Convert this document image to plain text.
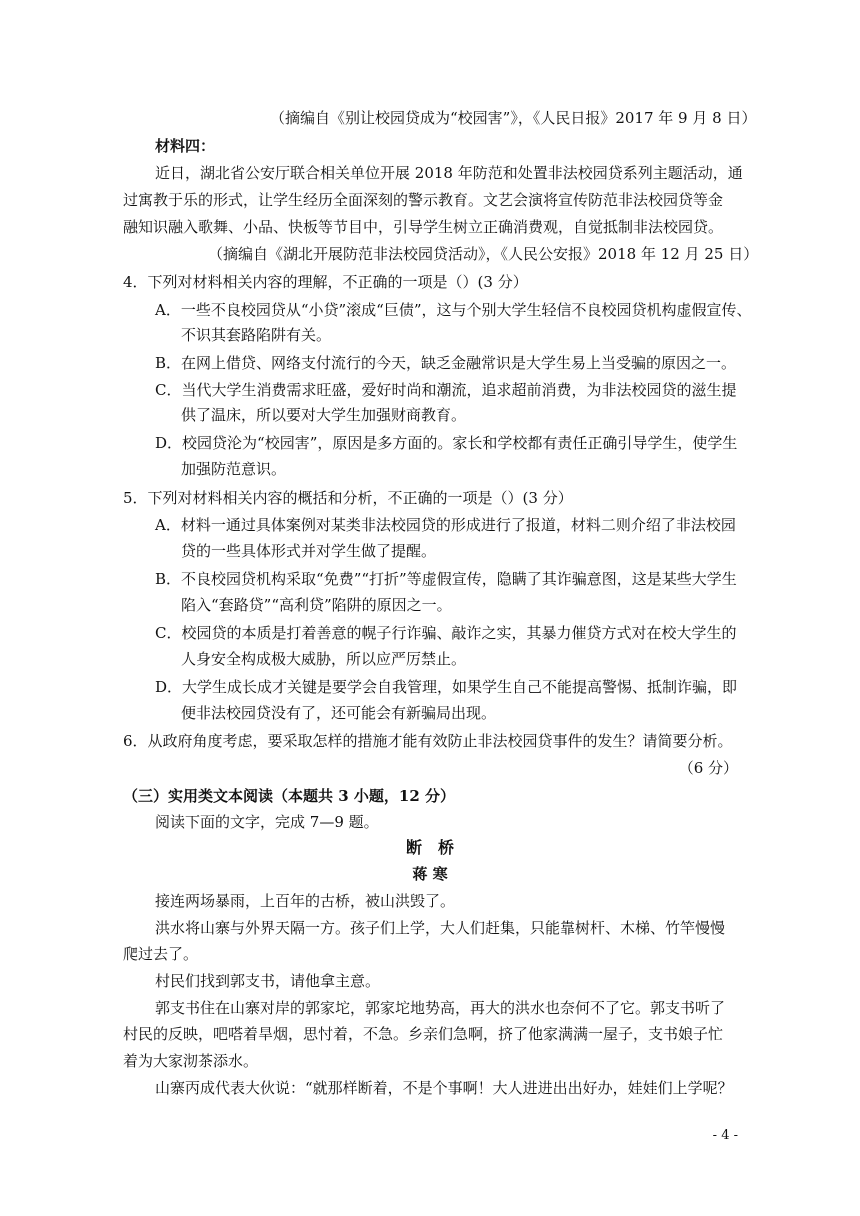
（摘编自《别让校园贷成为“校园害”》，《人民日报》2017 年 9 月 8 日）
材料四：
近日，湖北省公安厅联合相关单位开展 2018 年防范和处置非法校园贷系列主题活动，通
过寓教于乐的形式，让学生经历全面深刻的警示教育。文艺会演将宣传防范非法校园贷等金
融知识融入歌舞、小品、快板等节目中，引导学生树立正确消费观，自觉抵制非法校园贷。
（摘编自《湖北开展防范非法校园贷活动》，《人民公安报》2018 年 12 月 25 日）
4．下列对材料相关内容的理解，不正确的一项是（）(3 分）
A．一些不良校园贷从“小贷”滚成“巨债”，这与个别大学生轻信不良校园贷机构虚假宣传、
不识其套路陷阱有关。
B．在网上借贷、网络支付流行的今天，缺乏金融常识是大学生易上当受骗的原因之一。
C．当代大学生消费需求旺盛，爱好时尚和潮流，追求超前消费，为非法校园贷的滋生提
供了温床，所以要对大学生加强财商教育。
D．校园贷沦为“校园害”，原因是多方面的。家长和学校都有责任正确引导学生，使学生
加强防范意识。
5．下列对材料相关内容的概括和分析，不正确的一项是（）(3 分）
A．材料一通过具体案例对某类非法校园贷的形成进行了报道，材料二则介绍了非法校园
贷的一些具体形式并对学生做了提醒。
B．不良校园贷机构采取“免费”“打折”等虚假宣传，隐瞒了其诈骗意图，这是某些大学生
陷入“套路贷”“高利贷”陷阱的原因之一。
C．校园贷的本质是打着善意的幌子行诈骗、敲诈之实，其暴力催贷方式对在校大学生的
人身安全构成极大威胁，所以应严厉禁止。
D．大学生成长成才关键是要学会自我管理，如果学生自己不能提高警惕、抵制诈骗，即
便非法校园贷没有了，还可能会有新骗局出现。
6．从政府角度考虑，要采取怎样的措施才能有效防止非法校园贷事件的发生？请简要分析。
（6 分）
（三）实用类文本阅读（本题共 3 小题，12 分）
阅读下面的文字，完成 7—9 题。
断　桥
蒋 寒
接连两场暴雨，上百年的古桥，被山洪毁了。
洪水将山寨与外界天隔一方。孩子们上学，大人们赶集，只能靠树杆、木梯、竹竿慢慢
爬过去了。
村民们找到郭支书，请他拿主意。
郭支书住在山寨对岸的郭家坨，郭家坨地势高，再大的洪水也奈何不了它。郭支书听了
村民的反映，吧嗒着旱烟，思忖着，不急。乡亲们急啊，挤了他家满满一屋子，支书娘子忙
着为大家沏茶添水。
山寨丙成代表大伙说：“就那样断着，不是个事啊！大人进进出出好办，娃娃们上学呢？
- 4 -
